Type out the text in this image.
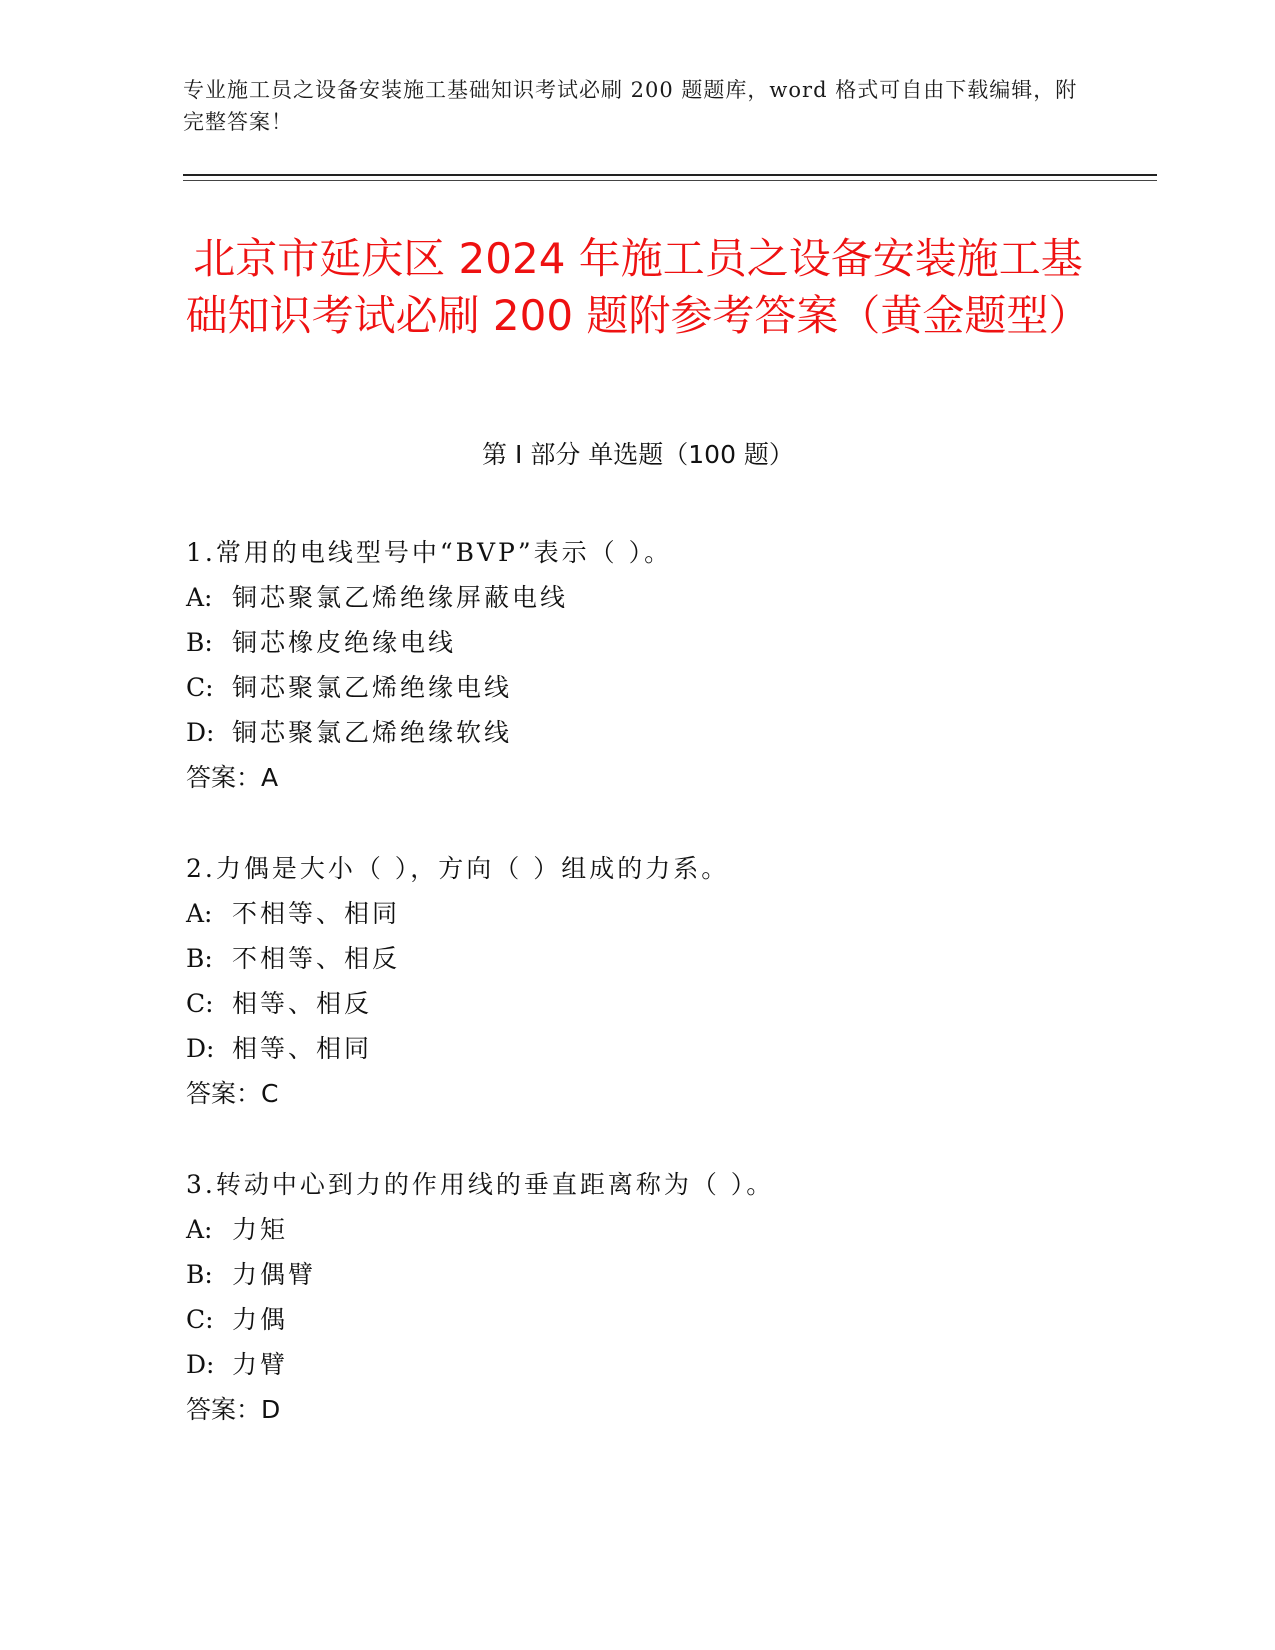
专业施工员之设备安装施工基础知识考试必刷 200 题题库，word 格式可自由下载编辑，附完整答案！
北京市延庆区 2024 年施工员之设备安装施工基础知识考试必刷 200 题附参考答案（黄金题型）
第 I 部分 单选题（100 题）
1.常用的电线型号中“BVP”表示（ ）。
A: 铜芯聚氯乙烯绝缘屏蔽电线
B: 铜芯橡皮绝缘电线
C: 铜芯聚氯乙烯绝缘电线
D: 铜芯聚氯乙烯绝缘软线
答案：A
2.力偶是大小（ ），方向（ ）组成的力系。
A: 不相等、相同
B: 不相等、相反
C: 相等、相反
D: 相等、相同
答案：C
3.转动中心到力的作用线的垂直距离称为（ ）。
A: 力矩
B: 力偶臂
C: 力偶
D: 力臂
答案：D
